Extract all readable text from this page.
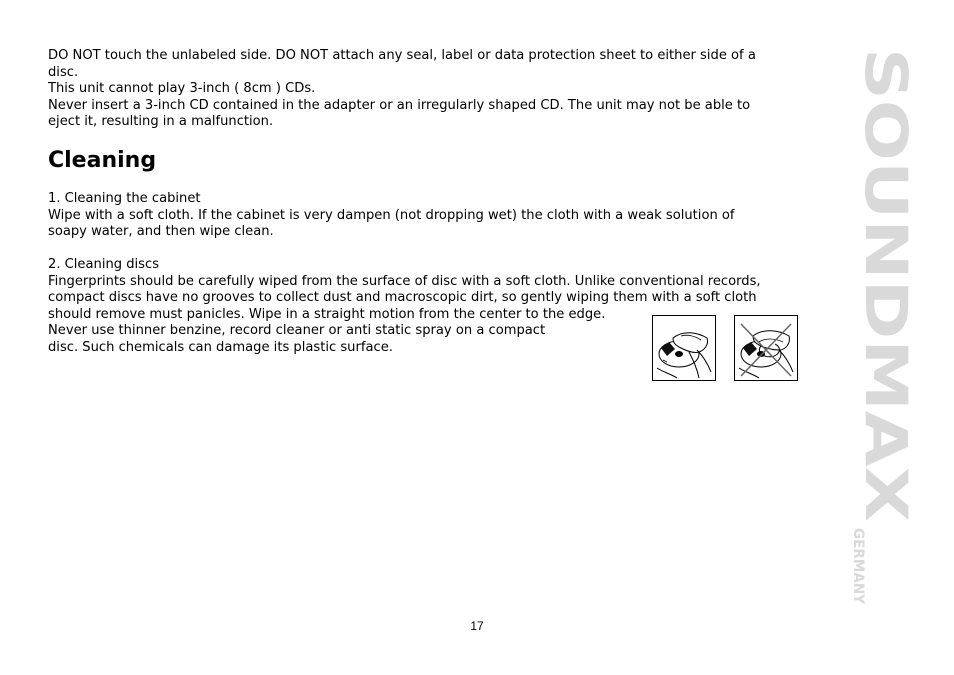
DO NOT touch the unlabeled side. DO NOT attach any seal, label or data protection sheet to either side of a
disc.
This unit cannot play 3-inch ( 8cm ) CDs.
Never insert a 3-inch CD contained in the adapter or an irregularly shaped CD. The unit may not be able to
eject it, resulting in a malfunction.
Cleaning
1. Cleaning the cabinet
Wipe with a soft cloth. If the cabinet is very dampen (not dropping wet) the cloth with a weak solution of
soapy water, and then wipe clean.
2. Cleaning discs
Fingerprints should be carefully wiped from the surface of disc with a soft cloth. Unlike conventional records,
compact discs have no grooves to collect dust and macroscopic dirt, so gently wiping them with a soft cloth
should remove must panicles. Wipe in a straight motion from the center to the edge.
Never use thinner benzine, record cleaner or anti static spray on a compact
disc. Such chemicals can damage its plastic surface.	SOUNDMAX
GERMANY
17
